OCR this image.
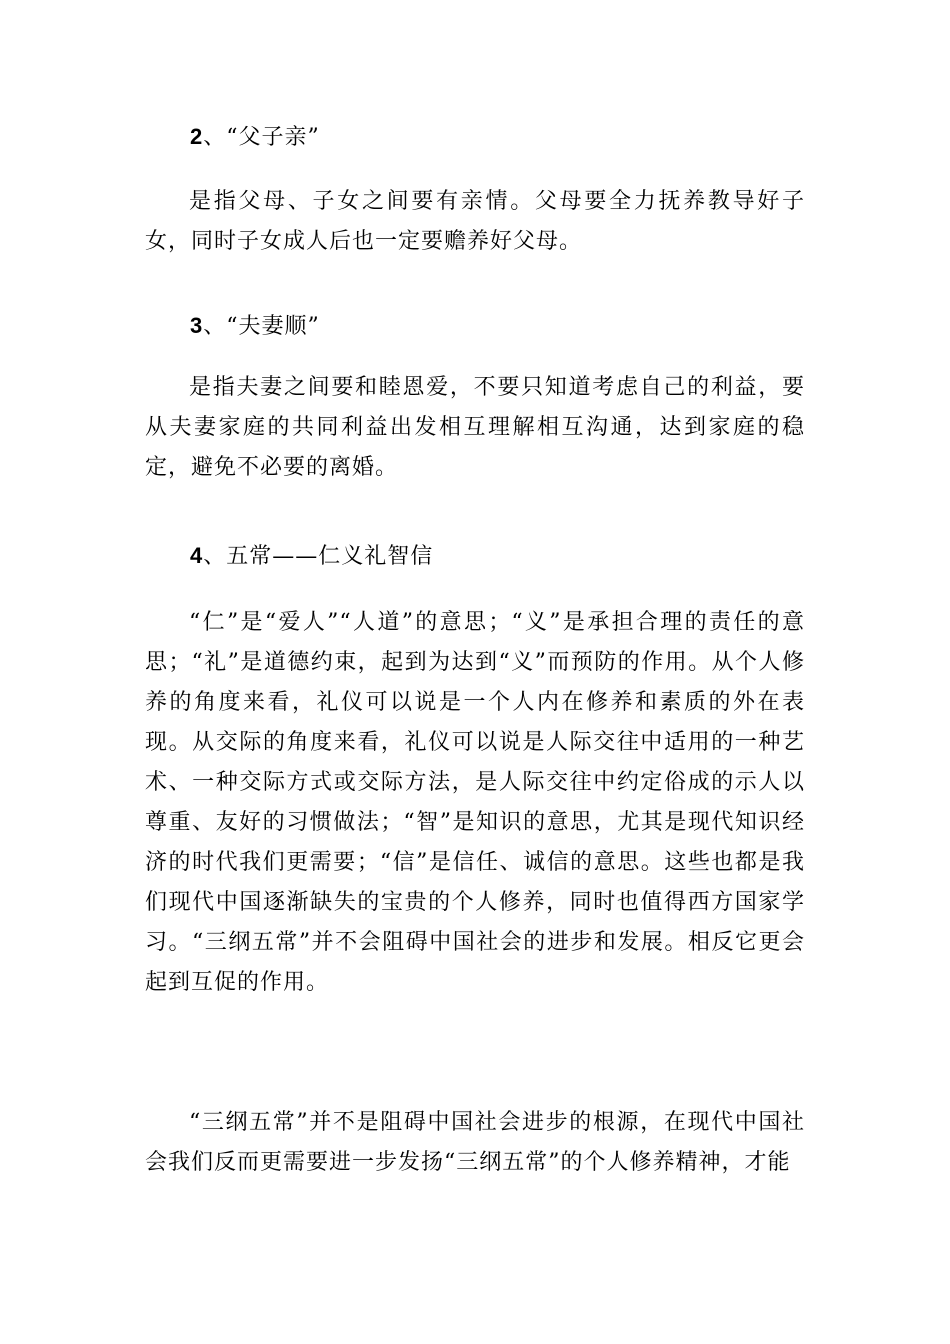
2、“父子亲”

是指父母、子女之间要有亲情。父母要全力抚养教导好子女，同时子女成人后也一定要赡养好父母。

3、“夫妻顺”

是指夫妻之间要和睦恩爱，不要只知道考虑自己的利益，要从夫妻家庭的共同利益出发相互理解相互沟通，达到家庭的稳定，避免不必要的离婚。

4、五常——仁义礼智信

“仁”是“爱人”“人道”的意思；“义”是承担合理的责任的意思；“礼”是道德约束，起到为达到“义”而预防的作用。从个人修养的角度来看，礼仪可以说是一个人内在修养和素质的外在表现。从交际的角度来看，礼仪可以说是人际交往中适用的一种艺术、一种交际方式或交际方法，是人际交往中约定俗成的示人以尊重、友好的习惯做法；“智”是知识的意思，尤其是现代知识经济的时代我们更需要；“信”是信任、诚信的意思。这些也都是我们现代中国逐渐缺失的宝贵的个人修养，同时也值得西方国家学习。“三纲五常”并不会阻碍中国社会的进步和发展。相反它更会起到互促的作用。

“三纲五常”并不是阻碍中国社会进步的根源，在现代中国社会我们反而更需要进一步发扬“三纲五常”的个人修养精神，才能
